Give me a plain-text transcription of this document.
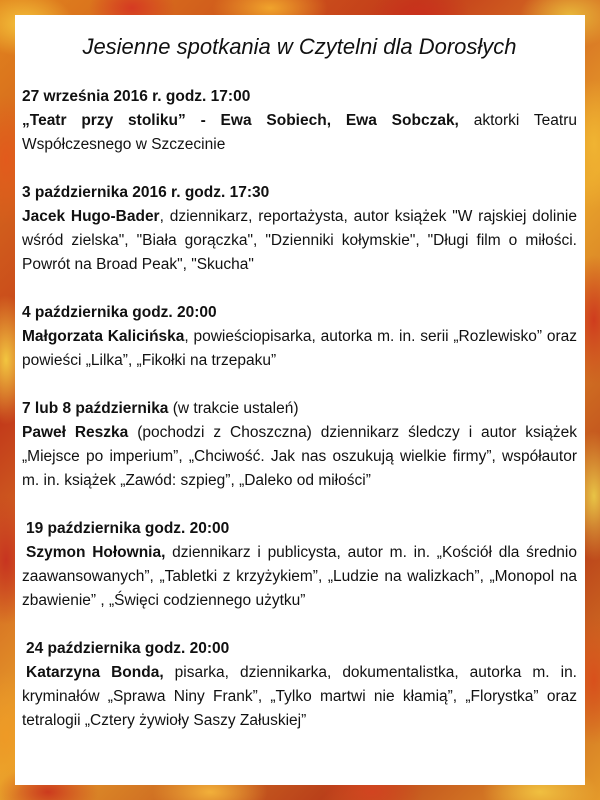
Jesienne spotkania w Czytelni dla Dorosłych

27 września 2016 r. godz. 17:00

„Teatr przy stoliku” - Ewa Sobiech, Ewa Sobczak, aktorki Teatru Współczesnego w Szczecinie

3 października 2016 r. godz. 17:30

Jacek Hugo-Bader, dziennikarz, reportażysta, autor książek "W rajskiej dolinie wśród zielska", "Biała gorączka", "Dzienniki kołymskie", "Długi film o miłości. Powrót na Broad Peak", "Skucha"

4 października godz. 20:00

Małgorzata Kalicińska, powieściopisarka, autorka m. in. serii „Rozlewisko” oraz powieści „Lilka”, „Fikołki na trzepaku”

7 lub 8 października (w trakcie ustaleń)

Paweł Reszka (pochodzi z Choszczna) dziennikarz śledczy i autor książek „Miejsce po imperium”, „Chciwość. Jak nas oszukują wielkie firmy”, współautor m. in. książek „Zawód: szpieg”, „Daleko od miłości”

19 października godz. 20:00

Szymon Hołownia, dziennikarz i publicysta, autor m. in. „Kościół dla średnio zaawansowanych”, „Tabletki z krzyżykiem”, „Ludzie na walizkach”, „Monopol na zbawienie” , „Święci codziennego użytku”

24 października godz. 20:00

Katarzyna Bonda, pisarka, dziennikarka, dokumentalistka, autorka m. in. kryminałów „Sprawa Niny Frank”, „Tylko martwi nie kłamią”, „Florystka” oraz tetralogii „Cztery żywioły Saszy Załuskiej”
